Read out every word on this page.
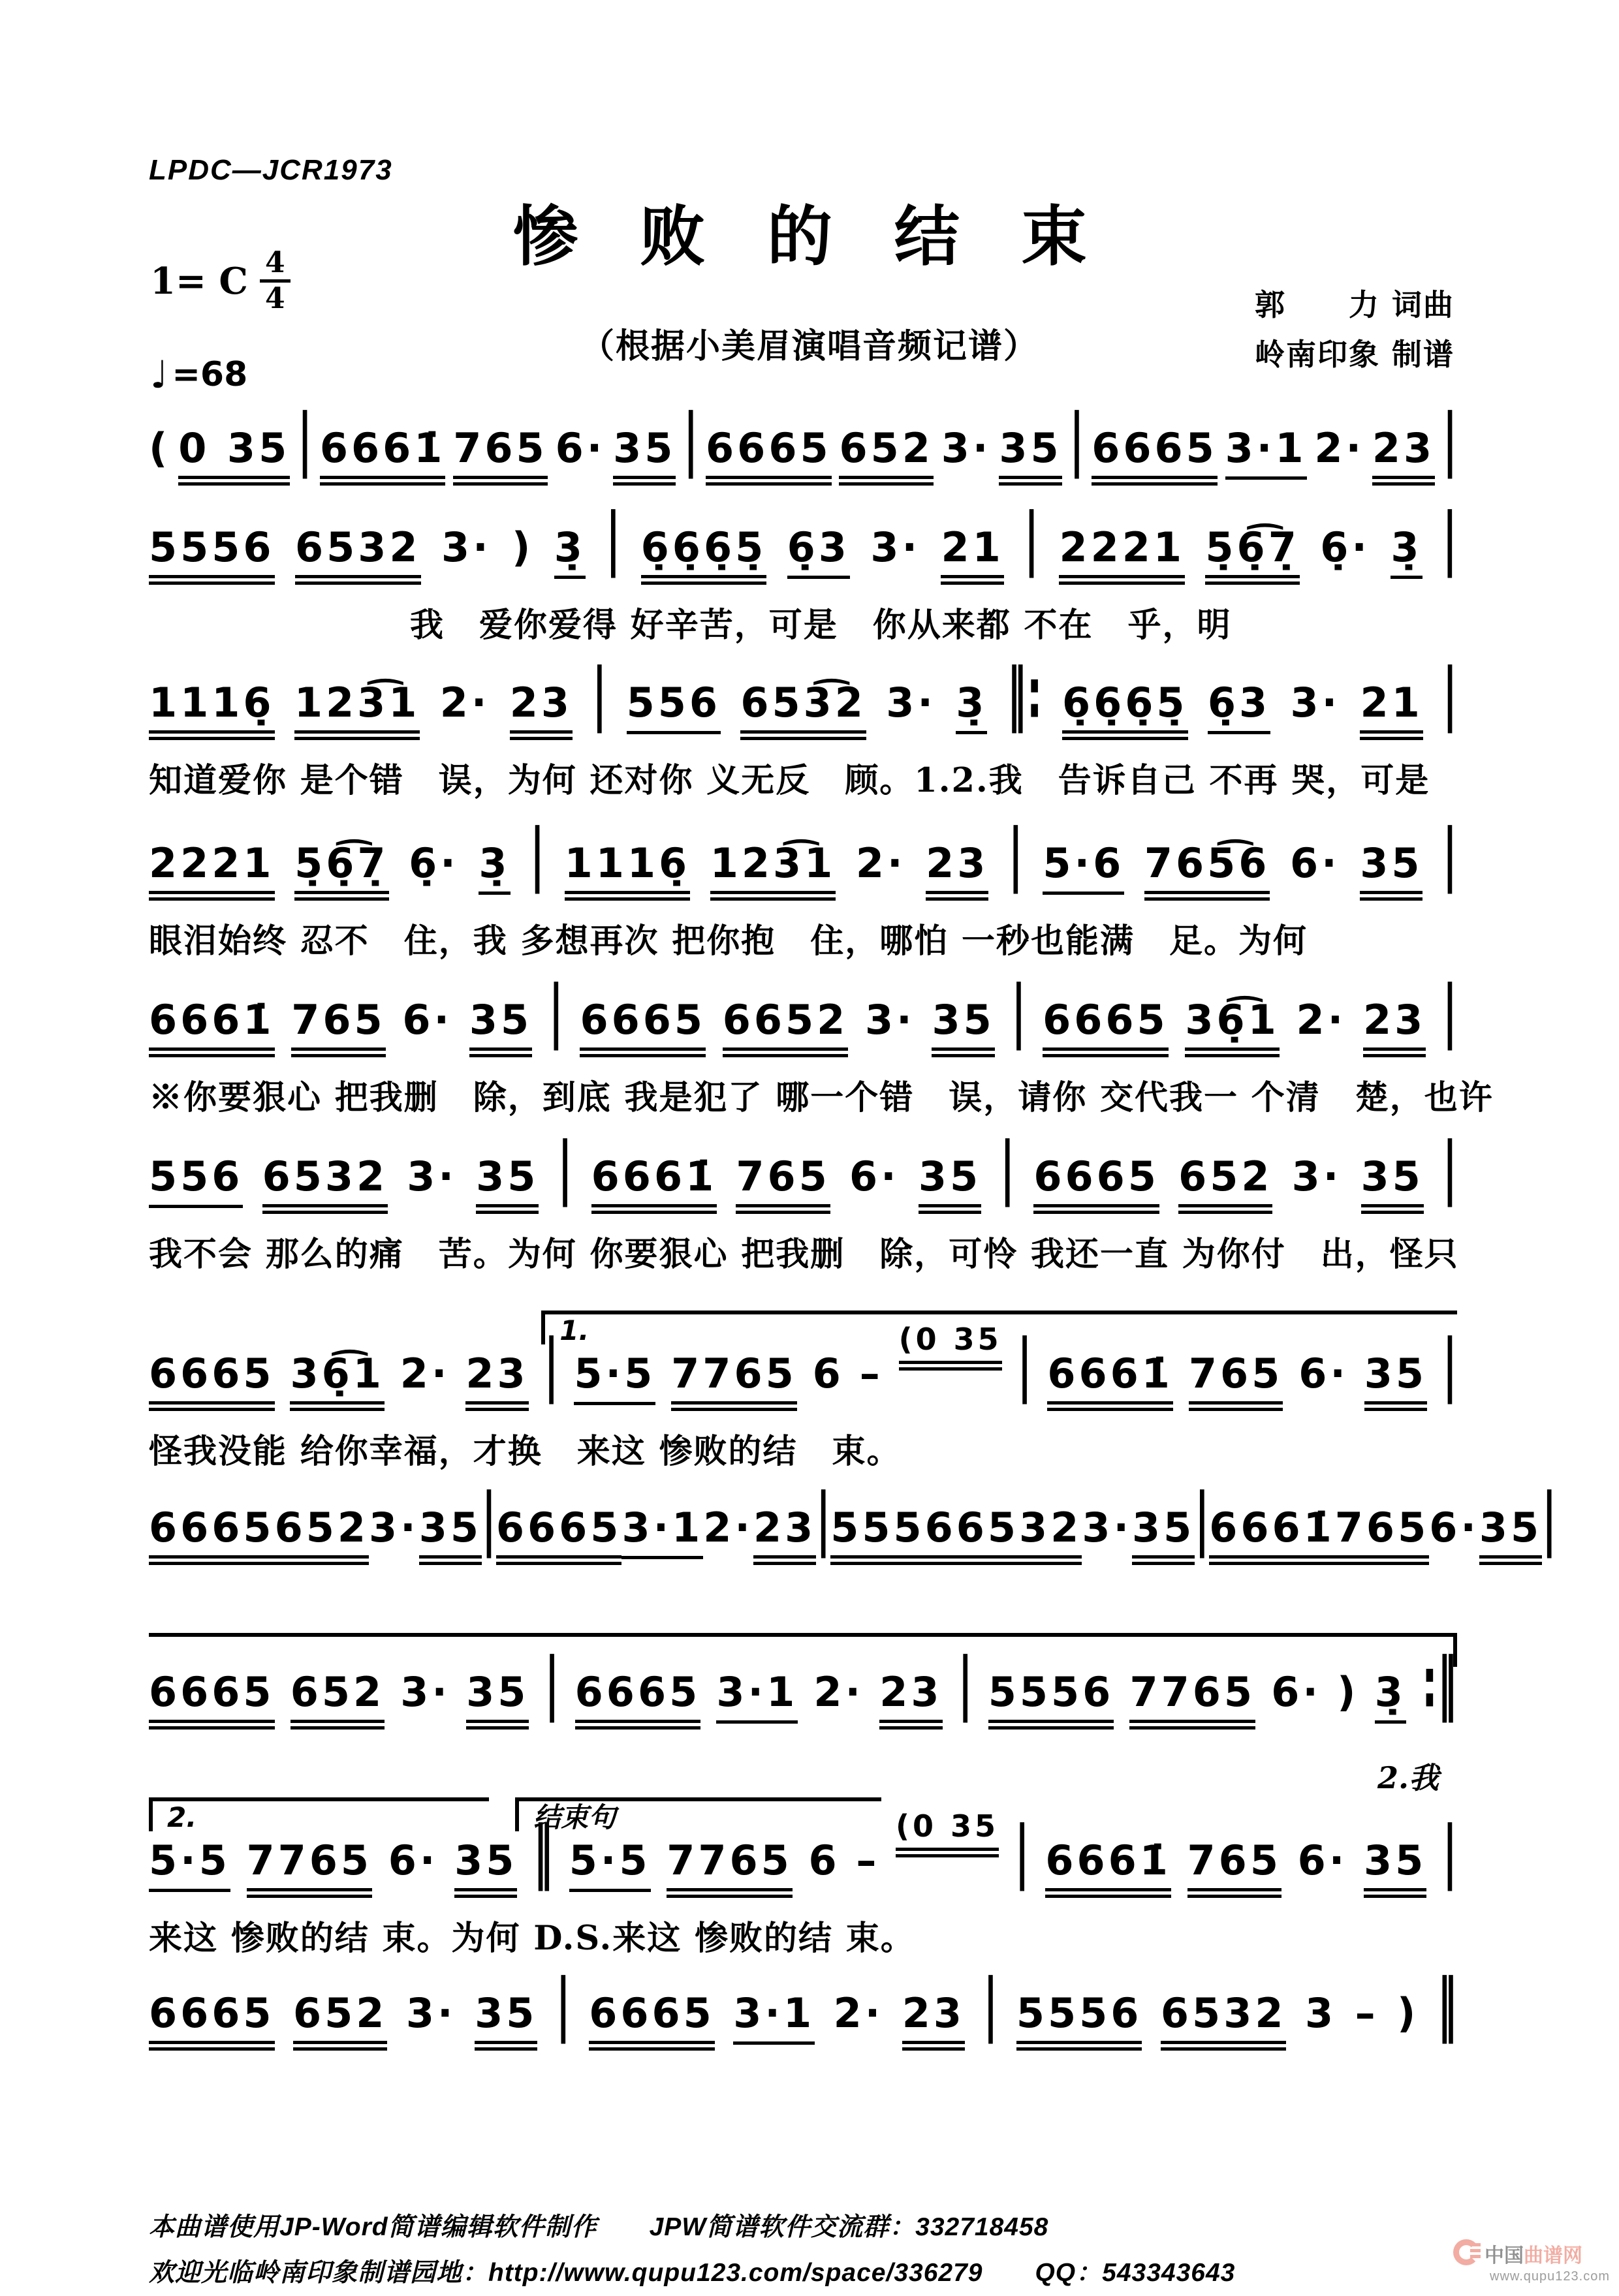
LPDC—JCR1973
惨 败 的 结 束
1= C $\frac{4}{4}$
♩ =68
（根据小美眉演唱音频记谱）
郭　　力 词曲
岭南印象 制谱
( 0 35 | 6661̇ 765 6· 35 | 6665 652 3· 35 | 6665 3·1 2· 23 |
5556 6532 3· ) 3̣ | 6̣6̣6̣5̣ 6̣3 3· 21 | 2221 5̣6̣͡7̣ 6̣· 3̣ |
我　爱你爱得 好辛苦，可是　你从来都 不在　乎，明
1116̣ 123͡1 2· 23 | 556 653͡2 3· 3̣ ‖: 6̣6̣6̣5̣ 6̣3 3· 21 |
知道爱你 是个错　误，为何 还对你 义无反　顾。1.2.我　告诉自己 不再 哭，可是
2221 5̣6̣͡7̣ 6̣· 3̣ | 1116̣ 123͡1 2· 23 | 5·6 765͡6 6· 35 |
眼泪始终 忍不　住，我 多想再次 把你抱　住，哪怕 一秒也能满　足。为何
6661̇ 765 6· 35 | 6665 6652 3· 35 | 6665 36̣͡1 2· 23 |
※你要狠心 把我删　除，到底 我是犯了 哪一个错　误，请你 交代我一 个清　楚，也许
556 6532 3· 35 | 6661̇ 765 6· 35 | 6665 652 3· 35 |
我不会 那么的痛　苦。为何 你要狠心 把我删　除，可怜 我还一直 为你付　出，怪只
1.
6665 36̣͡1 2· 23 | 5·5 7765 6 –
(0 35 | 6661̇ 765 6· 35 |
怪我没能 给你幸福，才换　来这 惨败的结　束。
6665 652 3· 35 | 6665 3·1 2· 23 | 5556 6532 3· 35 | 6661̇ 765 6· 35 |
6665 652 3· 35 | 6665 3·1 2· 23 | 5556 7765 6· ) 3̣ :‖
2.我
2.	结束句
5·5 7765 6· 35 ‖ 5·5 7765 6 –
(0 35 | 6661̇ 765 6· 35 |
来这 惨败的结 束。为何 D.S.来这 惨败的结 束。
6665 652 3· 35 | 6665 3·1 2· 23 | 5556 6532 3 – ) ‖
本曲谱使用JP-Word简谱编辑软件制作　　JPW简谱软件交流群：332718458
欢迎光临岭南印象制谱园地：http://www.qupu123.com/space/336279　　QQ：543343643
中国曲谱网
www.qupu123.com
